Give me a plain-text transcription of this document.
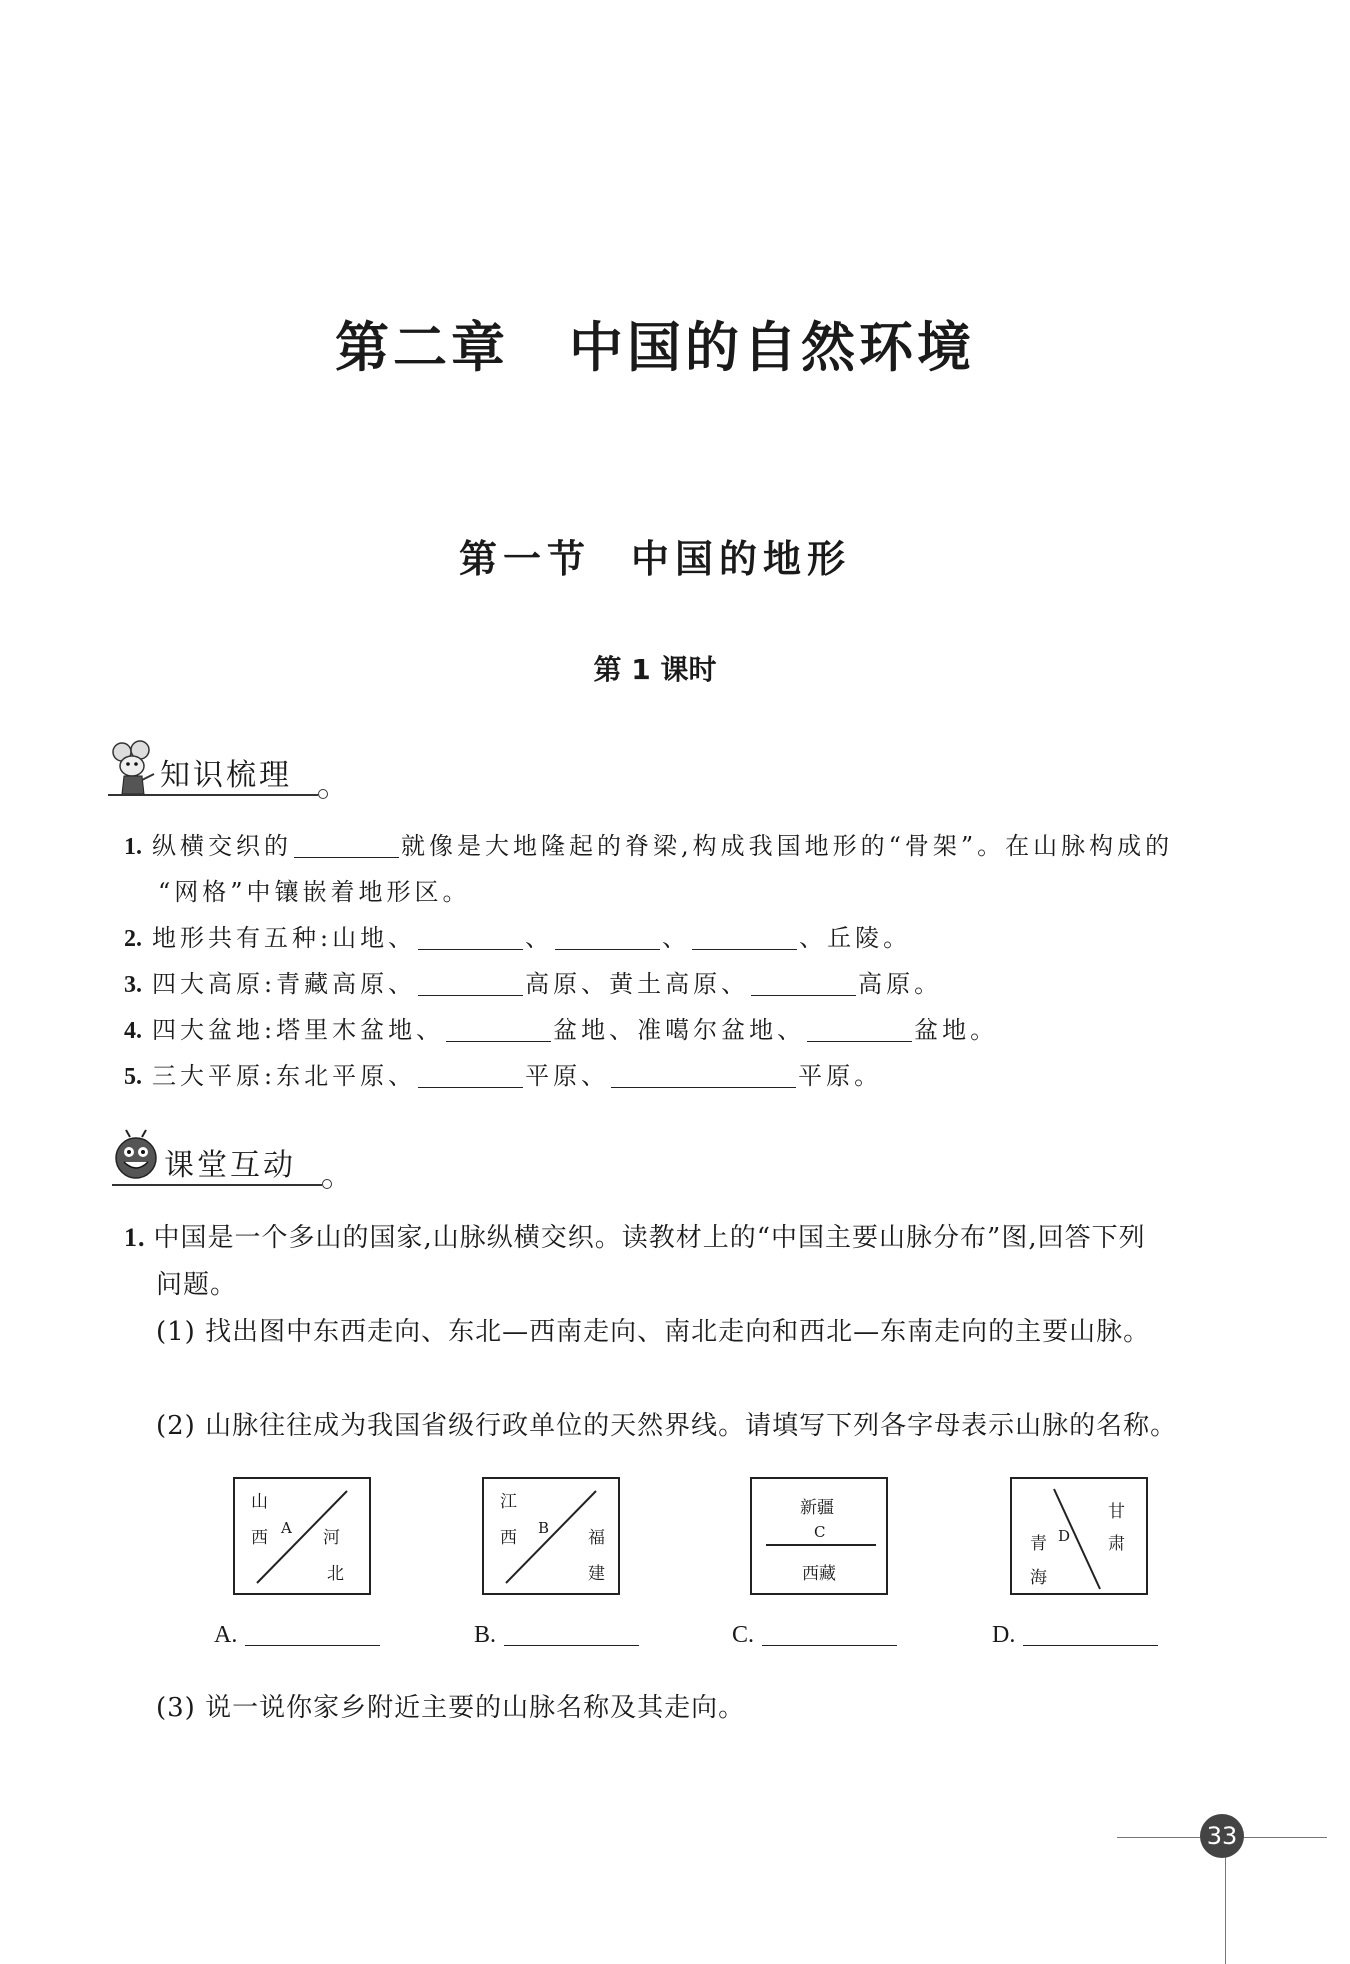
第二章 中国的自然环境
第一节 中国的地形
第 1 课时
知识梳理
1. 纵横交织的	就像是大地隆起的脊梁,构成我国地形的“骨架”。在山脉构成的
“网格”中镶嵌着地形区。
2. 地形共有五种:山地、	、	、	、丘陵。
3. 四大高原:青藏高原、	高原、黄土高原、	高原。
4. 四大盆地:塔里木盆地、	盆地、准噶尔盆地、	盆地。
5. 三大平原:东北平原、	平原、	平原。
课堂互动
1. 中国是一个多山的国家,山脉纵横交织。读教材上的“中国主要山脉分布”图,回答下列
问题。
(1) 找出图中东西走向、东北—西南走向、南北走向和西北—东南走向的主要山脉。
(2) 山脉往往成为我国省级行政单位的天然界线。请填写下列各字母表示山脉的名称。
山
西 A 河
北
江
西 B 福
建
新疆
C
西藏
青
海
D
甘
肃
A.	B.	C.	D.
(3) 说一说你家乡附近主要的山脉名称及其走向。
33
